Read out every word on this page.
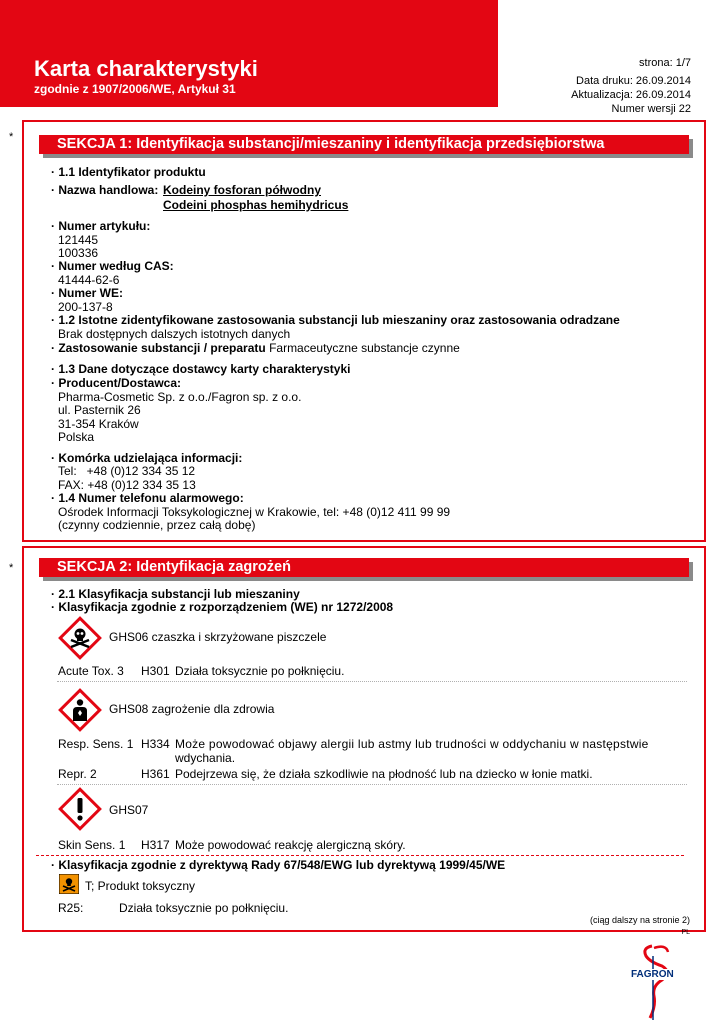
Karta charakterystyki
zgodnie z 1907/2006/WE, Artykuł 31
strona: 1/7
Data druku: 26.09.2014
Aktualizacja: 26.09.2014
Numer wersji 22
*	SEKCJA 1: Identyfikacja substancji/mieszaniny i identyfikacja przedsiębiorstwa
· 1.1 Identyfikator produktu
· Nazwa handlowa: Kodeiny fosforan półwodny
Codeini phosphas hemihydricus
· Numer artykułu:
121445
100336
· Numer według CAS:
41444-62-6
· Numer WE:
200-137-8
· 1.2 Istotne zidentyfikowane zastosowania substancji lub mieszaniny oraz zastosowania odradzane
Brak dostępnych dalszych istotnych danych
· Zastosowanie substancji / preparatu Farmaceutyczne substancje czynne
· 1.3 Dane dotyczące dostawcy karty charakterystyki
· Producent/Dostawca:
Pharma-Cosmetic Sp. z o.o./Fagron sp. z o.o.
ul. Pasternik 26
31-354 Kraków
Polska
· Komórka udzielająca informacji:
Tel:   +48 (0)12 334 35 12
FAX: +48 (0)12 334 35 13
· 1.4 Numer telefonu alarmowego:
Ośrodek Informacji Toksykologicznej w Krakowie, tel: +48 (0)12 411 99 99
(czynny codziennie, przez całą dobę)
*	SEKCJA 2: Identyfikacja zagrożeń
· 2.1 Klasyfikacja substancji lub mieszaniny
· Klasyfikacja zgodnie z rozporządzeniem (WE) nr 1272/2008
GHS06 czaszka i skrzyżowane piszczele
Acute Tox. 3 H301 Działa toksycznie po połknięciu.
GHS08 zagrożenie dla zdrowia
Resp. Sens. 1 H334 Może powodować objawy alergii lub astmy lub trudności w oddychaniu w następstwie
wdychania.
Repr. 2	H361 Podejrzewa się, że działa szkodliwie na płodność lub na dziecko w łonie matki.
GHS07
Skin Sens. 1 H317 Może powodować reakcję alergiczną skóry.
· Klasyfikacja zgodnie z dyrektywą Rady 67/548/EWG lub dyrektywą 1999/45/WE
T; Produkt toksyczny
R25:	Działa toksycznie po połknięciu.
(ciąg dalszy na stronie 2)
PL
FAGRON
